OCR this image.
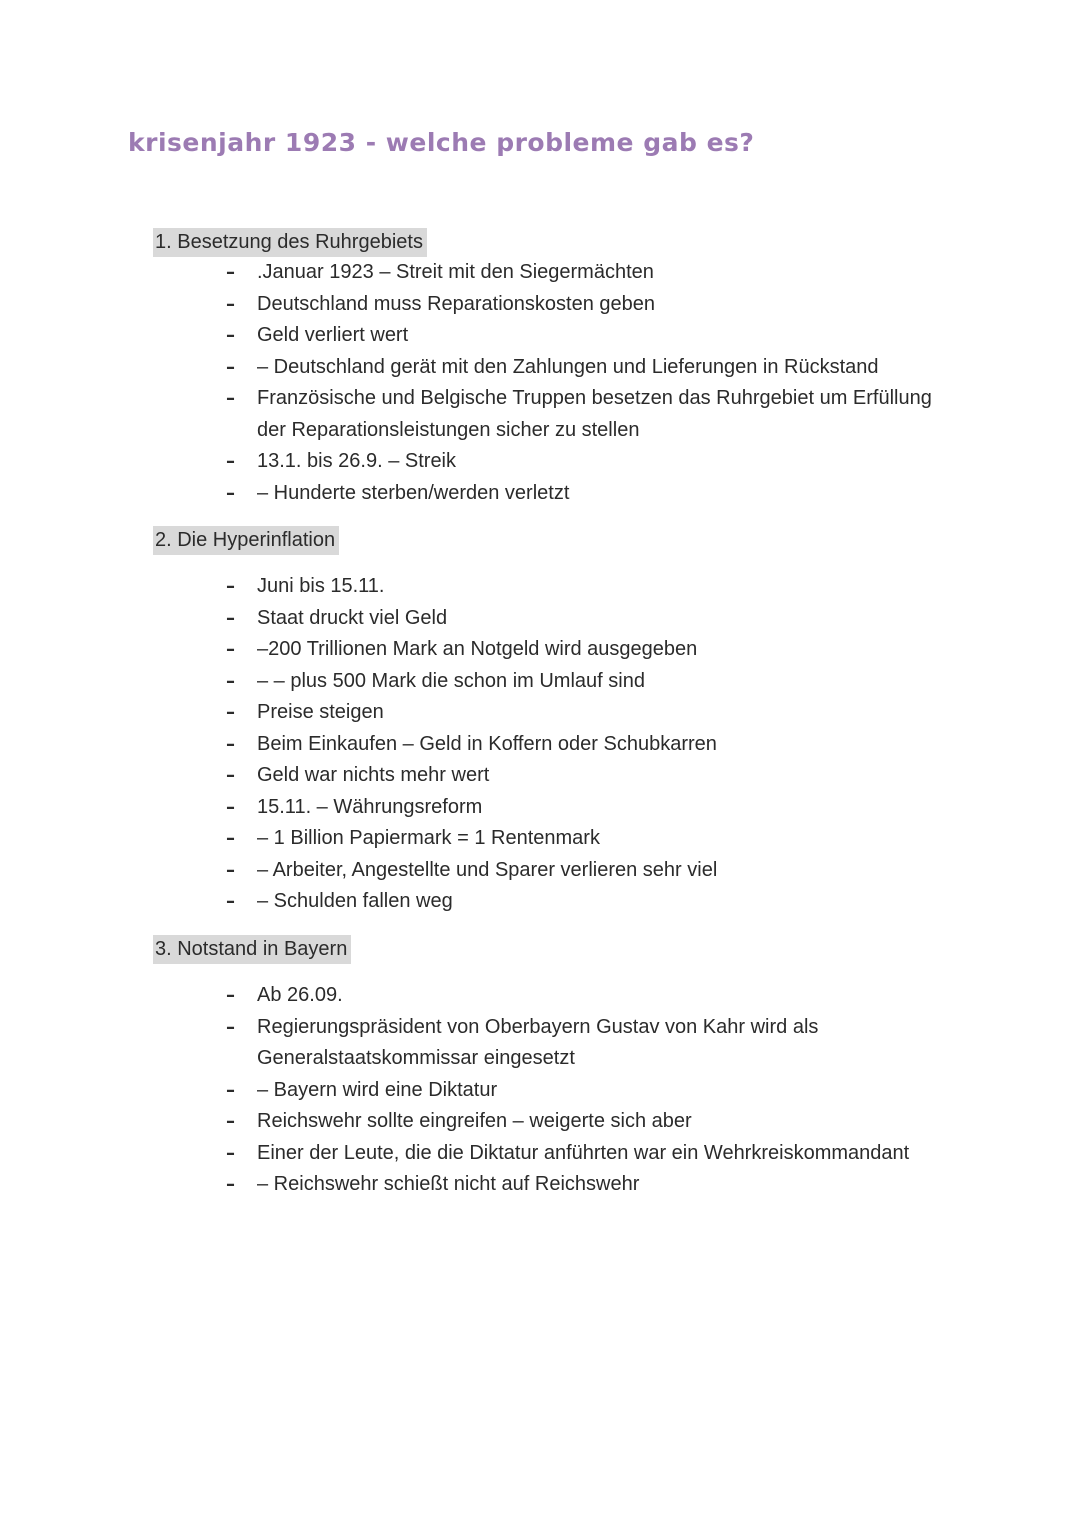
krisenjahr 1923 - welche probleme gab es?
1. Besetzung des Ruhrgebiets
– .Januar 1923 – Streit mit den Siegermächten
– Deutschland muss Reparationskosten geben
– Geld verliert wert
– – Deutschland gerät mit den Zahlungen und Lieferungen in Rückstand
– Französische und Belgische Truppen besetzen das Ruhrgebiet um Erfüllung der Reparationsleistungen sicher zu stellen
– 13.1. bis 26.9. – Streik
– – Hunderte sterben/werden verletzt
2. Die Hyperinflation
– Juni bis 15.11.
– Staat druckt viel Geld
– –200 Trillionen Mark an Notgeld wird ausgegeben
– – – plus 500 Mark die schon im Umlauf sind
– Preise steigen
– Beim Einkaufen – Geld in Koffern oder Schubkarren
– Geld war nichts mehr wert
– 15.11. – Währungsreform
– – 1 Billion Papiermark = 1 Rentenmark
– – Arbeiter, Angestellte und Sparer verlieren sehr viel
– – Schulden fallen weg
3. Notstand in Bayern
– Ab 26.09.
– Regierungspräsident von Oberbayern Gustav von Kahr wird als Generalstaatskommissar eingesetzt
– – Bayern wird eine Diktatur
– Reichswehr sollte eingreifen – weigerte sich aber
– Einer der Leute, die die Diktatur anführten war ein Wehrkreiskommandant
– – Reichswehr schießt nicht auf Reichswehr
